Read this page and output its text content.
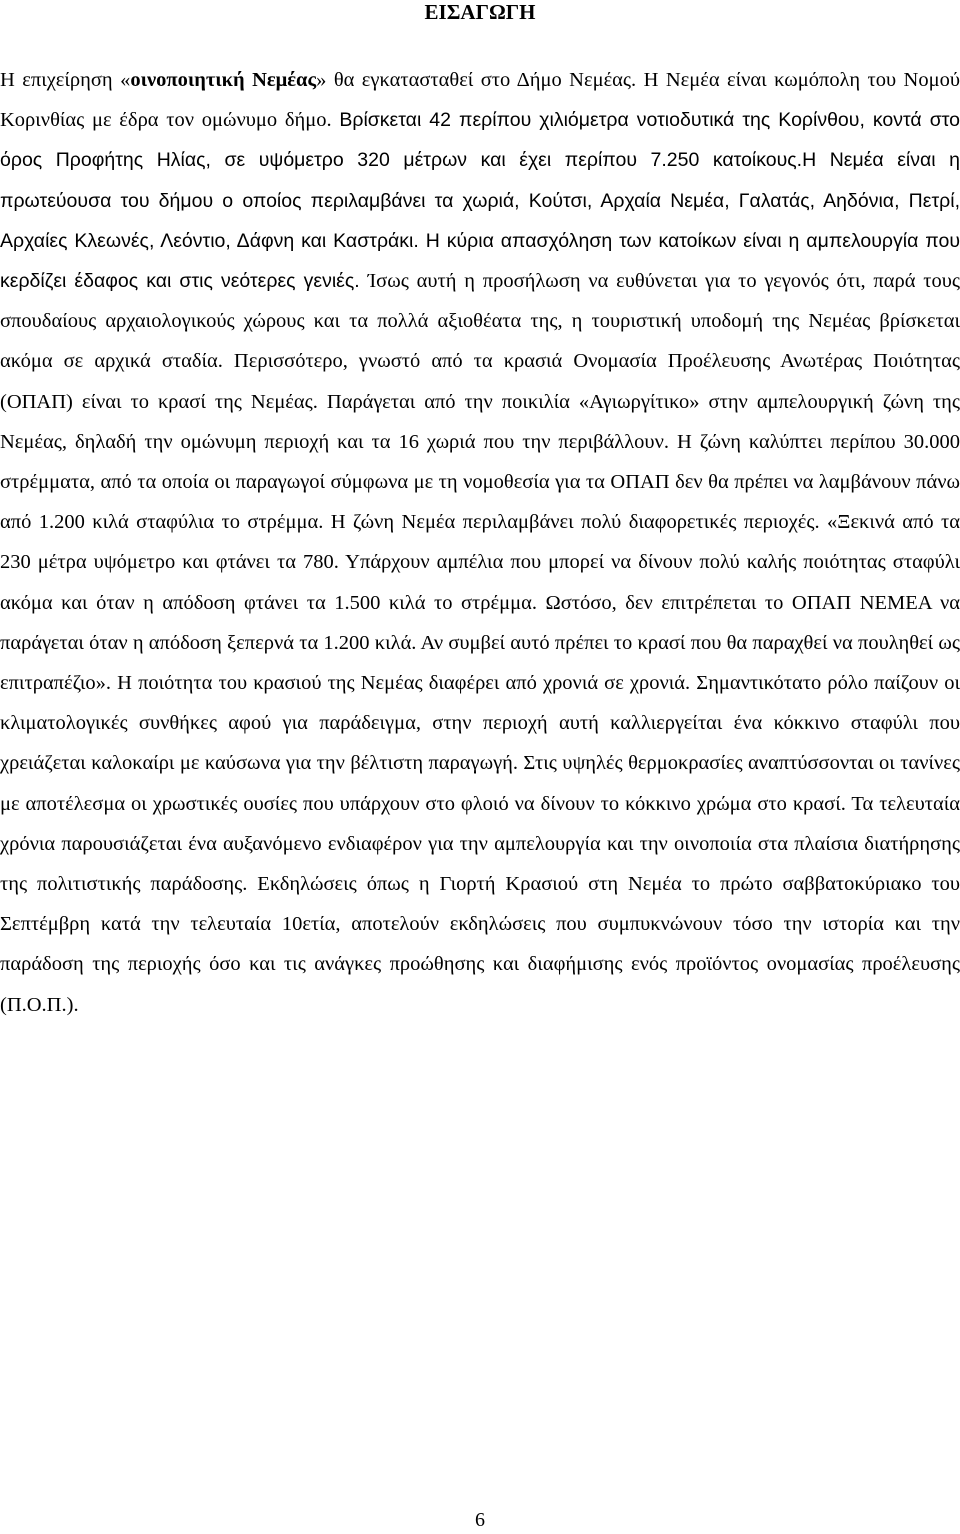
ΕΙΣΑΓΩΓΗ

Η επιχείρηση «οινοποιητική Νεμέας» θα εγκατασταθεί στο Δήμο Νεμέας. Η Νεμέα είναι κωμόπολη του Νομού Κορινθίας με έδρα τον ομώνυμο δήμο. Βρίσκεται 42 περίπου χιλιόμετρα νοτιοδυτικά της Κορίνθου, κοντά στο όρος Προφήτης Ηλίας, σε υψόμετρο 320 μέτρων και έχει περίπου 7.250 κατοίκους.Η Νεμέα είναι η πρωτεύουσα του δήμου ο οποίος περιλαμβάνει τα χωριά, Κούτσι, Αρχαία Νεμέα, Γαλατάς, Αηδόνια, Πετρί, Αρχαίες Κλεωνές, Λεόντιο, Δάφνη και Καστράκι. Η κύρια απασχόληση των κατοίκων είναι η αμπελουργία που κερδίζει έδαφος και στις νεότερες γενιές. Ίσως αυτή η προσήλωση να ευθύνεται για το γεγονός ότι, παρά τους σπουδαίους αρχαιολογικούς χώρους και τα πολλά αξιοθέατα της, η τουριστική υποδομή της Νεμέας βρίσκεται ακόμα σε αρχικά σταδία. Περισσότερο, γνωστό από τα κρασιά Ονομασία Προέλευσης Ανωτέρας Ποιότητας (ΟΠΑΠ) είναι το κρασί της Νεμέας. Παράγεται από την ποικιλία «Αγιωργίτικο» στην αμπελουργική ζώνη της Νεμέας, δηλαδή την ομώνυμη περιοχή και τα 16 χωριά που την περιβάλλουν. Η ζώνη καλύπτει περίπου 30.000 στρέμματα, από τα οποία οι παραγωγοί σύμφωνα με τη νομοθεσία για τα ΟΠΑΠ δεν θα πρέπει να λαμβάνουν πάνω από 1.200 κιλά σταφύλια το στρέμμα. Η ζώνη Νεμέα περιλαμβάνει πολύ διαφορετικές περιοχές. «Ξεκινά από τα 230 μέτρα υψόμετρο και φτάνει τα 780. Υπάρχουν αμπέλια που μπορεί να δίνουν πολύ καλής ποιότητας σταφύλι ακόμα και όταν η απόδοση φτάνει τα 1.500 κιλά το στρέμμα. Ωστόσο, δεν επιτρέπεται το ΟΠΑΠ ΝΕΜΕΑ να παράγεται όταν η απόδοση ξεπερνά τα 1.200 κιλά. Αν συμβεί αυτό πρέπει το κρασί που θα παραχθεί να πουληθεί ως επιτραπέζιο». Η ποιότητα του κρασιού της Νεμέας διαφέρει από χρονιά σε χρονιά. Σημαντικότατο ρόλο παίζουν οι κλιματολογικές συνθήκες αφού για παράδειγμα, στην περιοχή αυτή καλλιεργείται ένα κόκκινο σταφύλι που χρειάζεται καλοκαίρι με καύσωνα για την βέλτιστη παραγωγή. Στις υψηλές θερμοκρασίες αναπτύσσονται οι τανίνες με αποτέλεσμα οι χρωστικές ουσίες που υπάρχουν στο φλοιό να δίνουν το κόκκινο χρώμα στο κρασί. Τα τελευταία χρόνια παρουσιάζεται ένα αυξανόμενο ενδιαφέρον για την αμπελουργία και την οινοποιία στα πλαίσια διατήρησης της πολιτιστικής παράδοσης. Εκδηλώσεις όπως η Γιορτή Κρασιού στη Νεμέα το πρώτο σαββατοκύριακο του Σεπτέμβρη κατά την τελευταία 10ετία, αποτελούν εκδηλώσεις που συμπυκνώνουν τόσο την ιστορία και την παράδοση της περιοχής όσο και τις ανάγκες προώθησης και διαφήμισης ενός προϊόντος ονομασίας προέλευσης (Π.Ο.Π.).

6
